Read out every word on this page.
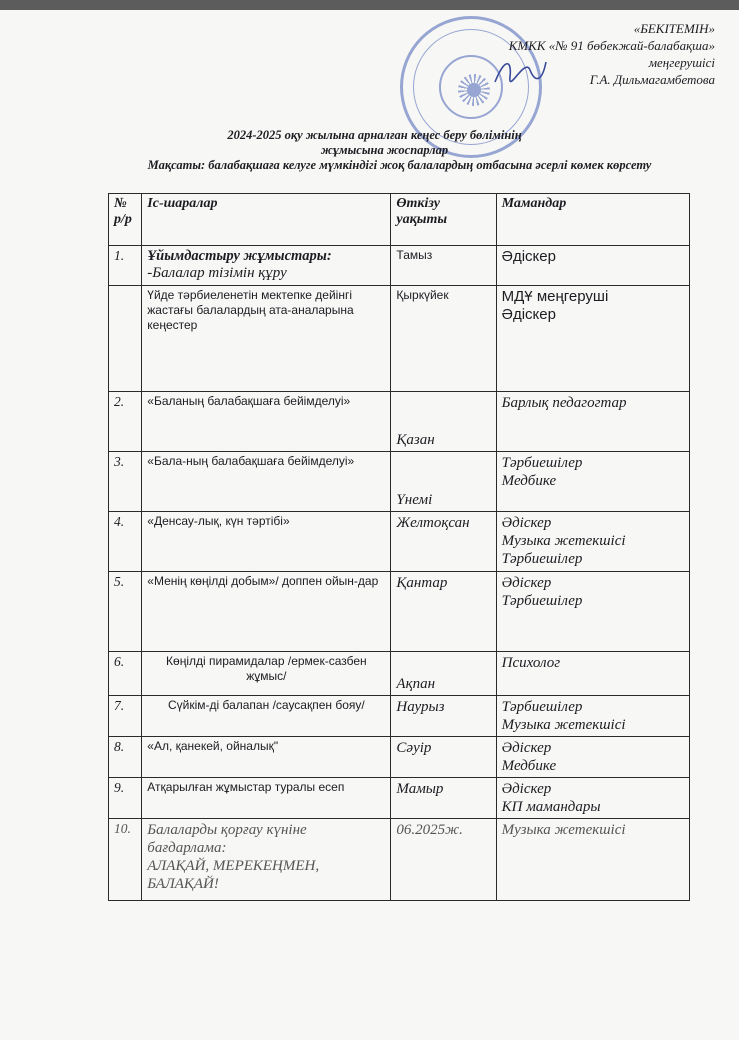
«БЕКІТЕМІН»
КМКК «№ 91 бөбекжай-балабақша»
меңгерушісі
Г.А. Дильмагамбетова
2024-2025 оқу жылына арналған кеңес беру бөлімінің
жұмысына жоспарлар
Мақсаты: балабақшаға келуге мүмкіндігі жоқ балалардың отбасына әсерлі көмек көрсету
№ р/р	Іс-шаралар	Өткізу уақыты	Мамандар
1.	Ұйымдастыру жұмыстары:
-Балалар тізімін құру	Тамыз	Әдіскер
	Үйде тәрбиеленетін мектепке дейінгі жастағы балалардың ата-аналарына кеңестер	Қыркүйек	МДҰ меңгеруші
Әдіскер

2.	«Баланың балабақшаға бейімделуі»	Қазан	Барлық педагогтар
3.	«Бала-ның балабақшаға бейімделуі»	Үнемі	Тәрбиешілер
Медбике

4.	«Денсау-лық, күн тәртібі»	Желтоқсан	Әдіскер
Музыка жетекшісі
Тәрбиешілер

5.	«Менің көңілді добым»/ доппен ойын-дар	Қантар	Әдіскер
Тәрбиешілер

6.	Көңілді пирамидалар /ермек-сазбен жұмыс/	Ақпан	Психолог
7.	Сүйкім-ді балапан /саусақпен бояу/	Наурыз	Тәрбиешілер
Музыка жетекшісі

8.	«Ал, қанекей, ойналық"	Сәуір	Әдіскер
Медбике

9.	Атқарылған жұмыстар туралы есеп	Мамыр	Әдіскер
КП мамандары

10.	Балаларды қорғау күніне бағдарлама:
АЛАҚАЙ, МЕРЕКЕҢМЕН, БАЛАҚАЙ!	06.2025ж.	Музыка жетекшісі
